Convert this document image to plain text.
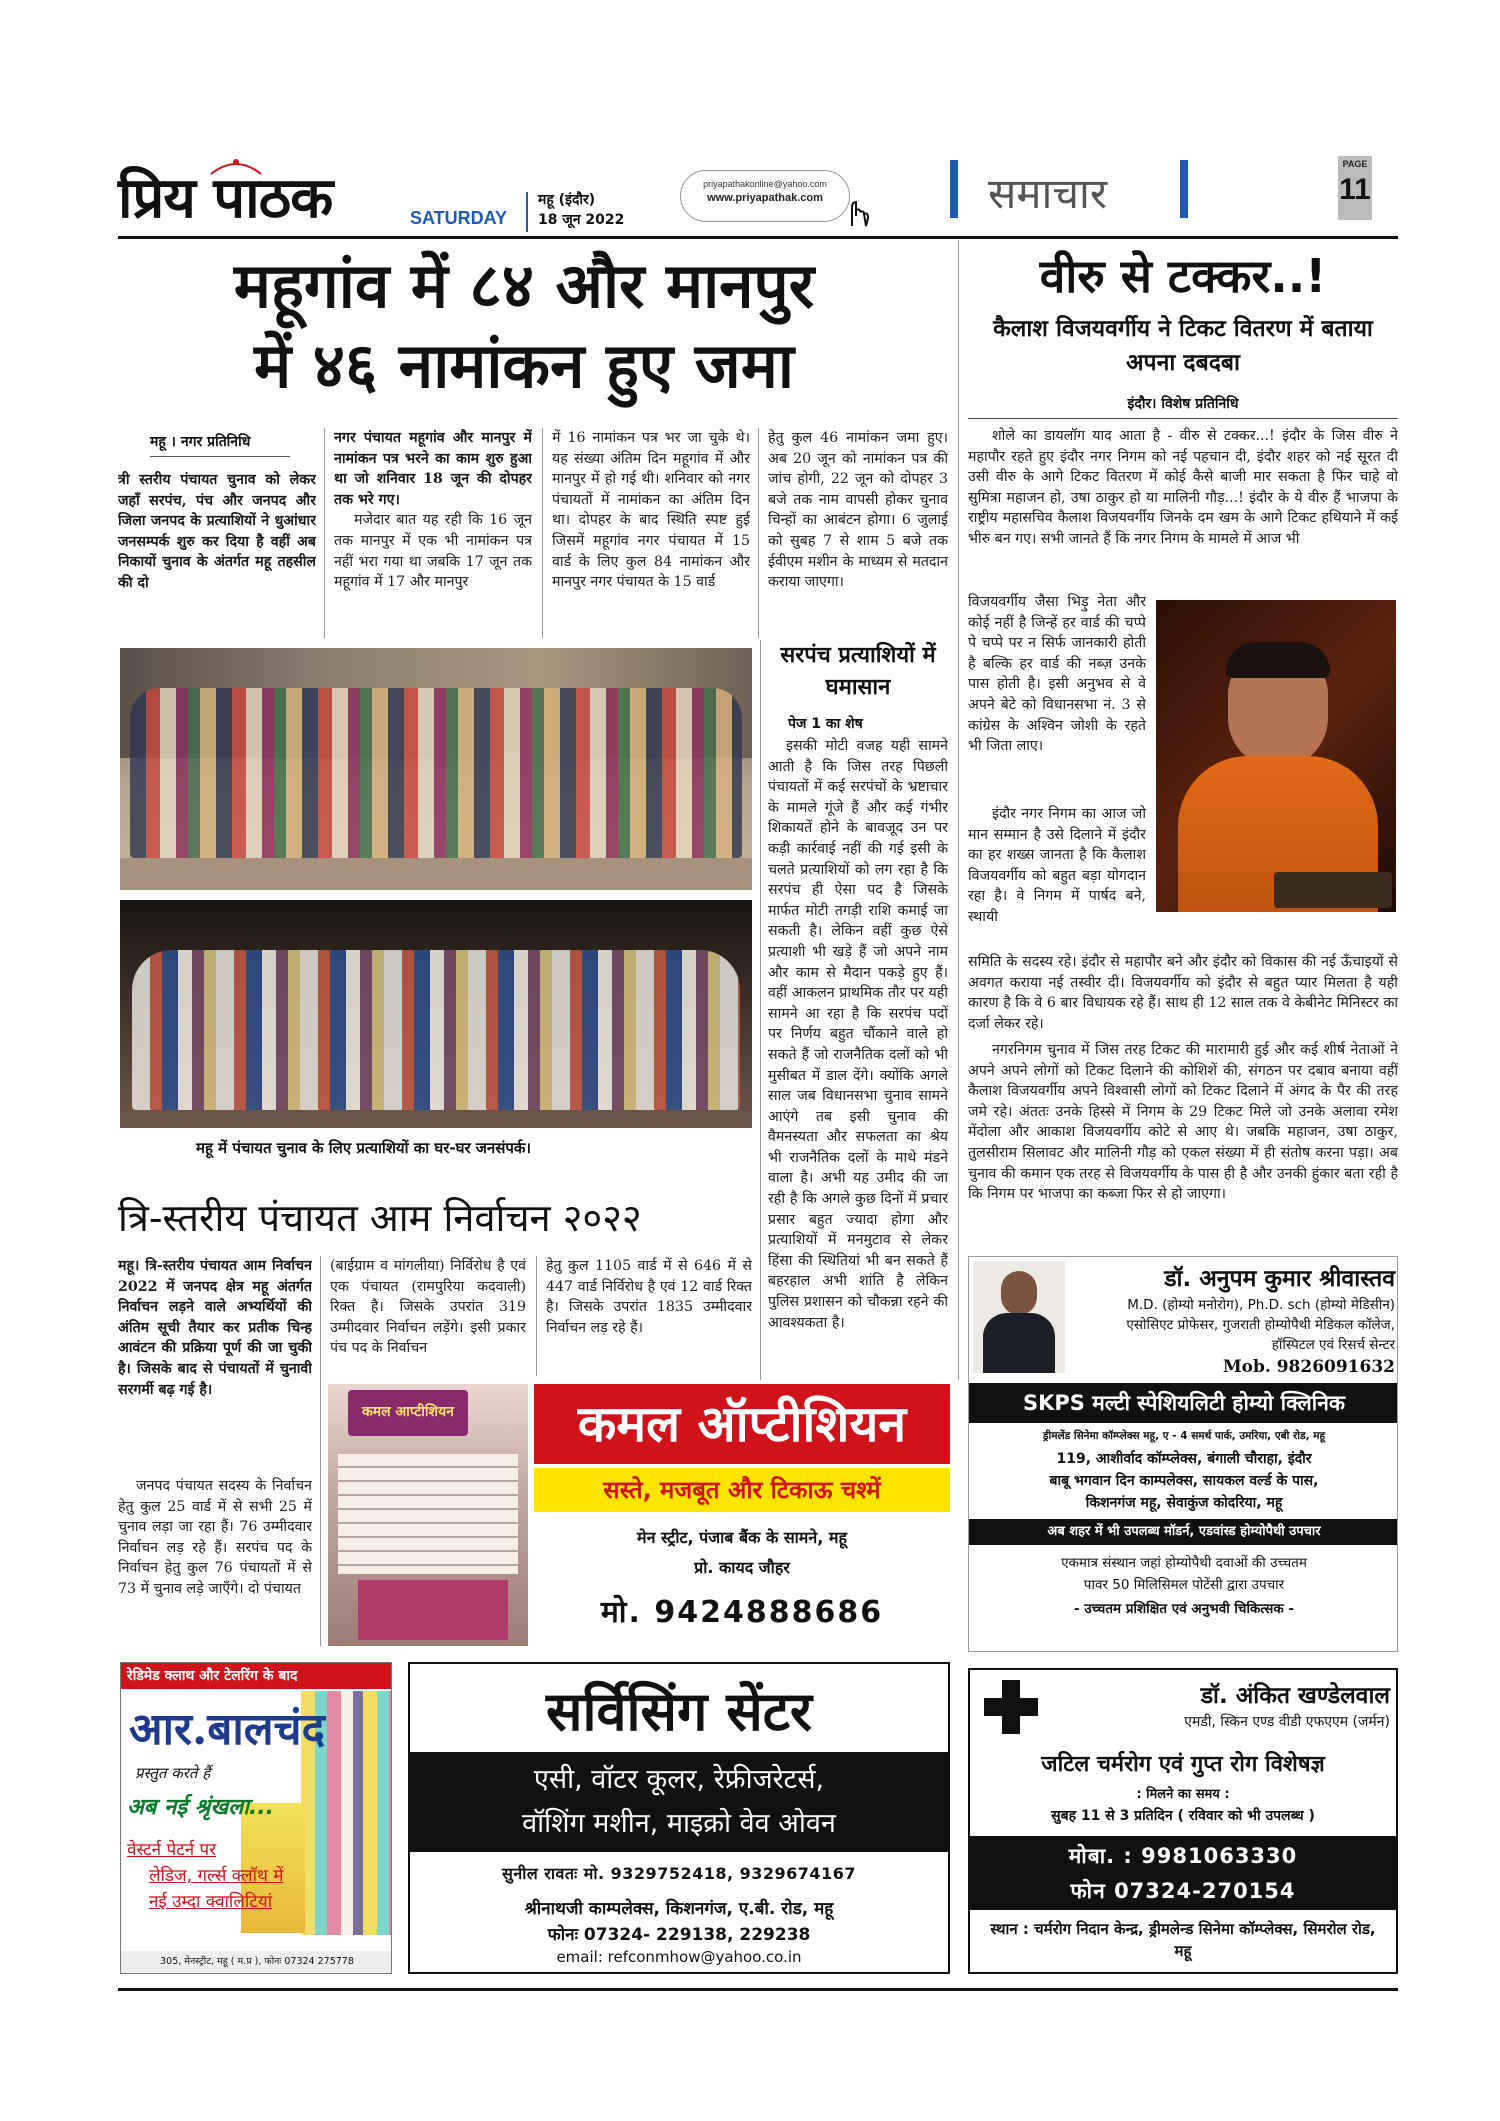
प्रिय पाठक	SATURDAY
महू (इंदौर)
18 जून 2022
priyapathakonline@yahoo.com
www.priyapathak.com	समाचार
PAGE
11
महूगांव में ८४ और मानपुर
में ४६ नामांकन हुए जमा
महू । नगर प्रतिनिधि
त्री स्तरीय पंचायत चुनाव को लेकर जहाँ सरपंच, पंच और जनपद और जिला जनपद के प्रत्याशियों ने धुआंधार जनसम्पर्क शुरु कर दिया है वहीं अब निकायों चुनाव के अंतर्गत महू तहसील की दो
नगर पंचायत महूगांव और मानपुर में नामांकन पत्र भरने का काम शुरु हुआ था जो शनिवार 18 जून की दोपहर तक भरे गए।
मजेदार बात यह रही कि 16 जून तक मानपुर में एक भी नामांकन पत्र नहीं भरा गया था जबकि 17 जून तक महूगांव में 17 और मानपुर
में 16 नामांकन पत्र भर जा चुके थे। यह संख्या अंतिम दिन महूगांव में और मानपुर में हो गई थी। शनिवार को नगर पंचायतों में नामांकन का अंतिम दिन था। दोपहर के बाद स्थिति स्पष्ट हुई जिसमें महूगांव नगर पंचायत में 15 वार्ड के लिए कुल 84 नामांकन और मानपुर नगर पंचायत के 15 वार्ड
हेतु कुल 46 नामांकन जमा हुए।अब 20 जून को नामांकन पत्र की जांच होगी, 22 जून को दोपहर 3 बजे तक नाम वापसी होकर चुनाव चिन्हों का आबंटन होगा। 6 जुलाई को सुबह 7 से शाम 5 बजे तक ईवीएम मशीन के माध्यम से मतदान कराया जाएगा।
महू में पंचायत चुनाव के लिए प्रत्याशियों का घर-घर जनसंपर्क।
सरपंच प्रत्याशियों में घमासान
पेज 1 का शेष
इसकी मोटी वजह यही सामने आती है कि जिस तरह पिछली पंचायतों में कई सरपंचों के भ्रष्टाचार के मामले गूंजे हैं और कई गंभीर शिकायतें होने के बावजूद उन पर कड़ी कार्रवाई नहीं की गई इसी के चलते प्रत्याशियों को लग रहा है कि सरपंच ही ऐसा पद है जिसके मार्फत मोटी तगड़ी राशि कमाई जा सकती है। लेकिन वहीं कुछ ऐसे प्रत्याशी भी खड़े हैं जो अपने नाम और काम से मैदान पकड़े हुए हैं। वहीं आकलन प्राथमिक तौर पर यही सामने आ रहा है कि सरपंच पदों पर निर्णय बहुत चौंकाने वाले हो सकते हैं जो राजनैतिक दलों को भी मुसीबत में डाल देंगे। क्योंकि अगले साल जब विधानसभा चुनाव सामने आएंगे तब इसी चुनाव की वैमनस्यता और सफलता का श्रेय भी राजनैतिक दलों के माथे मंडने वाला है। अभी यह उमीद की जा रही है कि अगले कुछ दिनों में प्रचार प्रसार बहुत ज्यादा होगा और प्रत्याशियों में मनमुटाव से लेकर हिंसा की स्थितियां भी बन सकते हैं बहरहाल अभी शांति है लेकिन पुलिस प्रशासन को चौकन्ना रहने की आवश्यकता है।
वीरु से टक्कर..!
कैलाश विजयवर्गीय ने टिकट वितरण में बताया अपना दबदबा
इंदौर। विशेष प्रतिनिधि
शोले का डायलॉग याद आता है - वीरु से टक्कर...! इंदौर के जिस वीरु ने महापौर रहते हुए इंदौर नगर निगम को नई पहचान दी, इंदौर शहर को नई सूरत दी उसी वीरु के आगे टिकट वितरण में कोई कैसे बाजी मार सकता है फिर चाहे वो सुमित्रा महाजन हो, उषा ठाकुर हो या मालिनी गौड़...! इंदौर के ये वीरु हैं भाजपा के राष्ट्रीय महासचिव कैलाश विजयवर्गीय जिनके दम खम के आगे टिकट हथियाने में कई भीरु बन गए। सभी जानते हैं कि नगर निगम के मामले में आज भी
विजयवर्गीय जैसा भिड़ु नेता और कोई नहीं है जिन्हें हर वार्ड की चप्पे पे चप्पे पर न सिर्फ जानकारी होती है बल्कि हर वार्ड की नब्ज़ उनके पास होती है। इसी अनुभव से वे अपने बेटे को विधानसभा नं. 3 से कांग्रेस के अश्विन जोशी के रहते भी जिता लाए।
इंदौर नगर निगम का आज जो मान सम्मान है उसे दिलाने में इंदौर का हर शख्स जानता है कि कैलाश विजयवर्गीय को बहुत बड़ा योगदान रहा है। वे निगम में पार्षद बने, स्थायी
समिति के सदस्य रहे। इंदौर से महापौर बने और इंदौर को विकास की नई ऊँचाइयों से अवगत कराया नई तस्वीर दी। विजयवर्गीय को इंदौर से बहुत प्यार मिलता है यही कारण है कि वे 6 बार विधायक रहे हैं। साथ ही 12 साल तक वे केबीनेट मिनिस्टर का दर्जा लेकर रहे।
नगरनिगम चुनाव में जिस तरह टिकट की मारामारी हुई और कई शीर्ष नेताओं ने अपने अपने लोगों को टिकट दिलाने की कोशिशें की, संगठन पर दबाव बनाया वहीं कैलाश विजयवर्गीय अपने विश्वासी लोगों को टिकट दिलाने में अंगद के पैर की तरह जमे रहे। अंततः उनके हिस्से में निगम के 29 टिकट मिले जो उनके अलावा रमेश मेंदोला और आकाश विजयवर्गीय कोटे से आए थे। जबकि महाजन, उषा ठाकुर, तुलसीराम सिलावट और मालिनी गौड़ को एकल संख्या में ही संतोष करना पड़ा। अब चुनाव की कमान एक तरह से विजयवर्गीय के पास ही है और उनकी हुंकार बता रही है कि निगम पर भाजपा का कब्जा फिर से हो जाएगा।
त्रि-स्तरीय पंचायत आम निर्वाचन २०२२
महू। त्रि-स्तरीय पंचायत आम निर्वाचन 2022 में जनपद क्षेत्र महू अंतर्गत निर्वाचन लड़ने वाले अभ्यर्थियों की अंतिम सूची तैयार कर प्रतीक चिन्ह आवंटन की प्रक्रिया पूर्ण की जा चुकी है। जिसके बाद से पंचायतों में चुनावी सरगर्मी बढ़ गई है।
जनपद पंचायत सदस्य के निर्वाचन हेतु कुल 25 वार्ड में से सभी 25 में चुनाव लड़ा जा रहा हैं। 76 उम्मीदवार निर्वाचन लड़ रहे हैं। सरपंच पद के निर्वाचन हेतु कुल 76 पंचायतों में से 73 में चुनाव लड़े जाएँगे। दो पंचायत
(बाईग्राम व मांगलीया) निर्विरोध है एवं एक पंचायत (रामपुरिया कदवाली) रिक्त है। जिसके उपरांत 319 उम्मीदवार निर्वाचन लड़ेंगे। इसी प्रकार पंच पद के निर्वाचन
हेतु कुल 1105 वार्ड में से 646 में से 447 वार्ड निर्विरोध है एवं 12 वार्ड रिक्त है। जिसके उपरांत 1835 उम्मीदवार निर्वाचन लड़ रहे हैं।
कमल आप्टीशियन	कमल ऑप्टीशियन
सस्ते, मजबूत और टिकाऊ चश्में
मेन स्ट्रीट, पंजाब बैंक के सामने, महू
प्रो. कायद जौहर
मो. 9424888686
डॉ. अनुपम कुमार श्रीवास्तव
M.D. (होम्यो मनोरोग), Ph.D. sch (होम्यो मेडिसीन)
एसोसिएट प्रोफेसर, गुजराती होम्योपैथी मेडिकल कॉलेज, हॉस्पिटल एवं रिसर्च सेन्टर
Mob. 9826091632
SKPS मल्टी स्पेशियलिटी होम्यो क्लिनिक
ड्रीमलेंड सिनेमा कॉम्प्लेक्स महू, ए - 4 समर्थ पार्क, उमरिया, एबी रोड, महू
119, आशीर्वाद कॉम्प्लेक्स, बंगाली चौराहा, इंदौर
बाबू भगवान दिन काम्पलेक्स, सायकल वर्ल्ड के पास,
किशनगंज महू, सेवाकुंज कोदरिया, महू
अब शहर में भी उपलब्ध मॉडर्न, एडवांस्ड होम्योपैथी उपचार
एकमात्र संस्थान जहां होम्योपैथी दवाओं की उच्चतम
पावर 50 मिलिसिमल पोटेंसी द्वारा उपचार
- उच्चतम प्रशिक्षित एवं अनुभवी चिकित्सक -
रेडिमेड क्लाथ और टेलरिंग के बाद
आर.बालचंद
प्रस्तुत करते हैं
अब नई श्रृंखला...
वेस्टर्न पेटर्न पर
लेडिज, गर्ल्स क्लॉथ में
नई उम्दा क्वालिटियां
305, मेनस्ट्रीट, महू ( म.प्र ), फोनः 07324 275778
सर्विसिंग सेंटर
एसी, वॉटर कूलर, रेफ्रीजरेटर्स,
वॉशिंग मशीन, माइक्रो वेव ओवन
सुनील रावतः मो. 9329752418, 9329674167
श्रीनाथजी काम्पलेक्स, किशनगंज, ए.बी. रोड, महू
फोनः 07324- 229138, 229238
email: refconmhow@yahoo.co.in
डॉ. अंकित खण्डेलवाल
एमडी, स्किन एण्ड वीडी एफएएम (जर्मन)
जटिल चर्मरोग एवं गुप्त रोग विशेषज्ञ
: मिलने का समय :
सुबह 11 से 3 प्रतिदिन ( रविवार को भी उपलब्ध )
मोबा. : 9981063330
फोन 07324-270154
स्थान : चर्मरोग निदान केन्द्र, ड्रीमलेन्ड सिनेमा कॉम्प्लेक्स, सिमरोल रोड, महू
